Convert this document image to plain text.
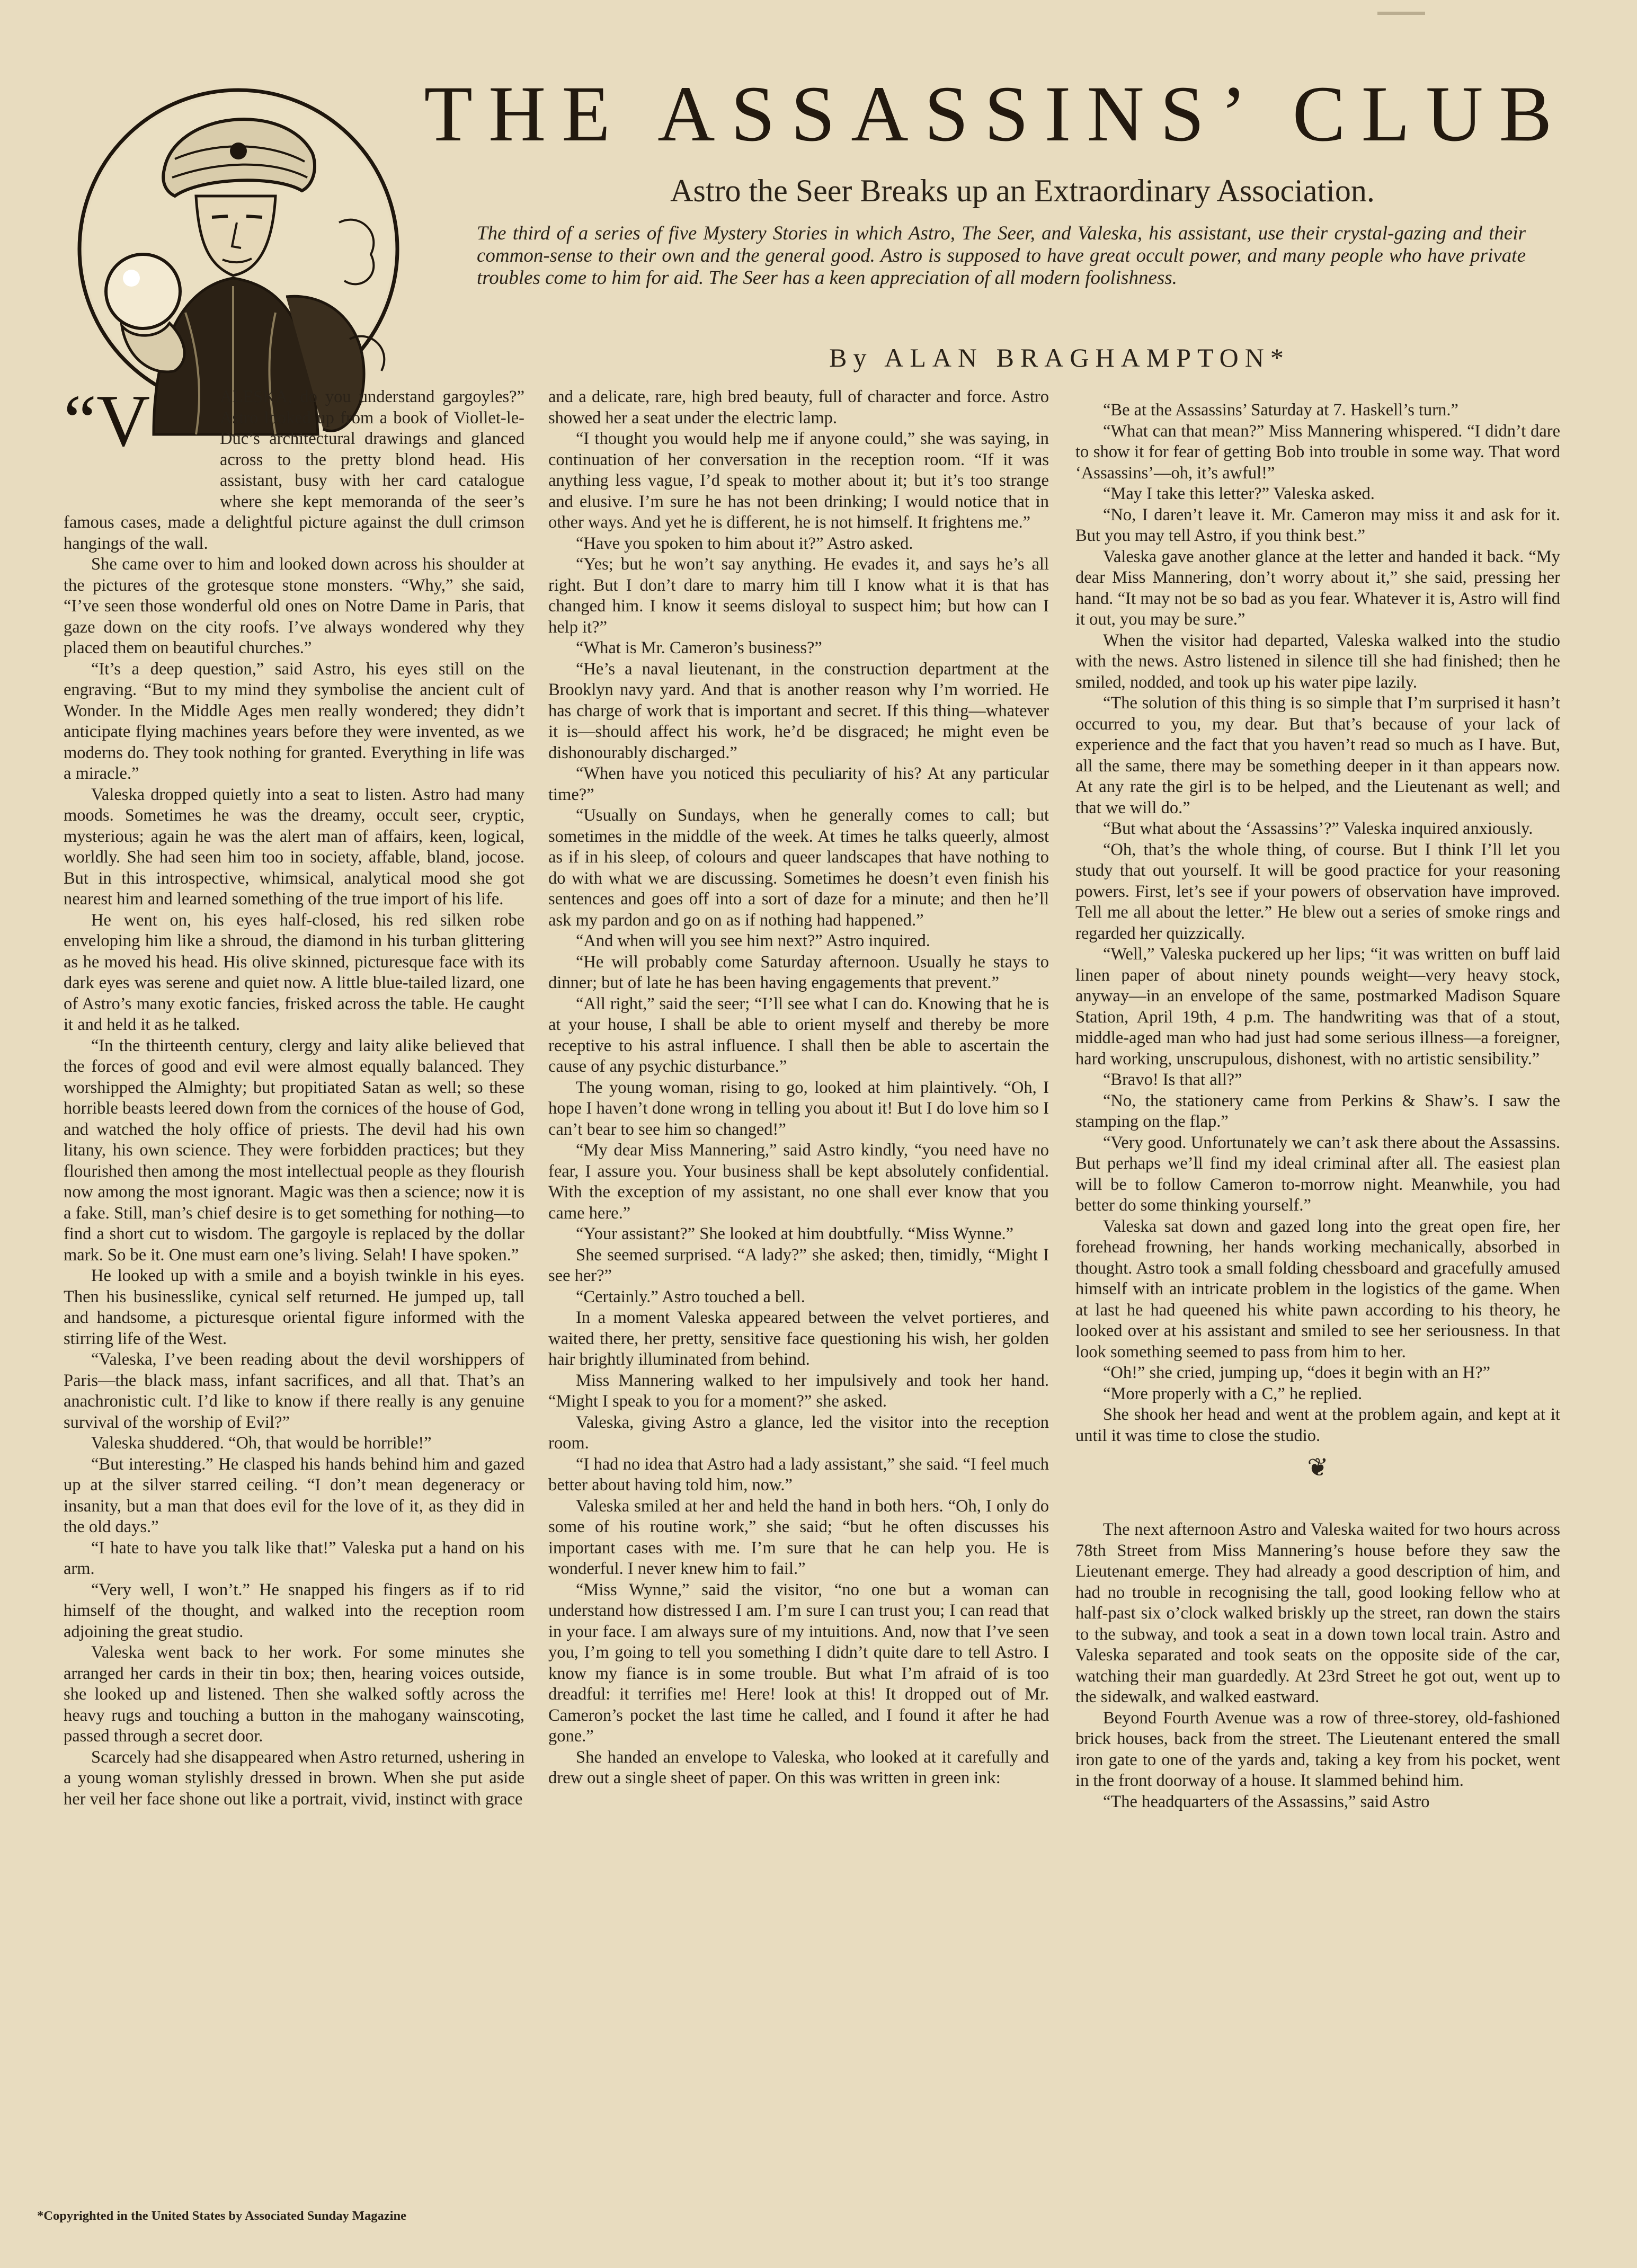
THE ASSASSINS’ CLUB
Astro the Seer Breaks up an Extraordinary Association.
The third of a series of five Mystery Stories in which Astro, The Seer, and Valeska, his assistant, use their crystal-gazing and their common-sense to their own and the general good. Astro is supposed to have great occult power, and many people who have private troubles come to him for aid. The Seer has a keen appreciation of all modern foolishness.
By ALAN BRAGHAMPTON*
“V	ALESKA, do you understand gargoyles?” Astro looked up from a book of Viollet-le-Duc’s architectural drawings and glanced across to the pretty blond head. His assistant, busy with her card catalogue where she kept memoranda of the seer’s famous cases, made a delightful picture against the dull crimson hangings of the wall.

She came over to him and looked down across his shoulder at the pictures of the grotesque stone monsters. “Why,” she said, “I’ve seen those wonderful old ones on Notre Dame in Paris, that gaze down on the city roofs. I’ve always wondered why they placed them on beautiful churches.”

“It’s a deep question,” said Astro, his eyes still on the engraving. “But to my mind they symbolise the ancient cult of Wonder. In the Middle Ages men really wondered; they didn’t anticipate flying machines years before they were invented, as we moderns do. They took nothing for granted. Everything in life was a miracle.”

Valeska dropped quietly into a seat to listen. Astro had many moods. Sometimes he was the dreamy, occult seer, cryptic, mysterious; again he was the alert man of affairs, keen, logical, worldly. She had seen him too in society, affable, bland, jocose. But in this introspective, whimsical, analytical mood she got nearest him and learned something of the true import of his life.

He went on, his eyes half-closed, his red silken robe enveloping him like a shroud, the diamond in his turban glittering as he moved his head. His olive skinned, picturesque face with its dark eyes was serene and quiet now. A little blue-tailed lizard, one of Astro’s many exotic fancies, frisked across the table. He caught it and held it as he talked.

“In the thirteenth century, clergy and laity alike believed that the forces of good and evil were almost equally balanced. They worshipped the Almighty; but propitiated Satan as well; so these horrible beasts leered down from the cornices of the house of God, and watched the holy office of priests. The devil had his own litany, his own science. They were forbidden practices; but they flourished then among the most intellectual people as they flourish now among the most ignorant. Magic was then a science; now it is a fake. Still, man’s chief desire is to get something for nothing—to find a short cut to wisdom. The gargoyle is replaced by the dollar mark. So be it. One must earn one’s living. Selah! I have spoken.”

He looked up with a smile and a boyish twinkle in his eyes. Then his businesslike, cynical self returned. He jumped up, tall and handsome, a picturesque oriental figure informed with the stirring life of the West.

“Valeska, I’ve been reading about the devil worshippers of Paris—the black mass, infant sacrifices, and all that. That’s an anachronistic cult. I’d like to know if there really is any genuine survival of the worship of Evil?”

Valeska shuddered. “Oh, that would be horrible!”

“But interesting.” He clasped his hands behind him and gazed up at the silver starred ceiling. “I don’t mean degeneracy or insanity, but a man that does evil for the love of it, as they did in the old days.”

“I hate to have you talk like that!” Valeska put a hand on his arm.

“Very well, I won’t.” He snapped his fingers as if to rid himself of the thought, and walked into the reception room adjoining the great studio.

Valeska went back to her work. For some minutes she arranged her cards in their tin box; then, hearing voices outside, she looked up and listened. Then she walked softly across the heavy rugs and touching a button in the mahogany wainscoting, passed through a secret door.

Scarcely had she disappeared when Astro returned, ushering in a young woman stylishly dressed in brown. When she put aside her veil her face shone out like a portrait, vivid, instinct with grace

and a delicate, rare, high bred beauty, full of character and force. Astro showed her a seat under the electric lamp.

“I thought you would help me if anyone could,” she was saying, in continuation of her conversation in the reception room. “If it was anything less vague, I’d speak to mother about it; but it’s too strange and elusive. I’m sure he has not been drinking; I would notice that in other ways. And yet he is different, he is not himself. It frightens me.”

“Have you spoken to him about it?” Astro asked.

“Yes; but he won’t say anything. He evades it, and says he’s all right. But I don’t dare to marry him till I know what it is that has changed him. I know it seems disloyal to suspect him; but how can I help it?”

“What is Mr. Cameron’s business?”

“He’s a naval lieutenant, in the construction department at the Brooklyn navy yard. And that is another reason why I’m worried. He has charge of work that is important and secret. If this thing—whatever it is—should affect his work, he’d be disgraced; he might even be dishonourably discharged.”

“When have you noticed this peculiarity of his? At any particular time?”

“Usually on Sundays, when he generally comes to call; but sometimes in the middle of the week. At times he talks queerly, almost as if in his sleep, of colours and queer landscapes that have nothing to do with what we are discussing. Sometimes he doesn’t even finish his sentences and goes off into a sort of daze for a minute; and then he’ll ask my pardon and go on as if nothing had happened.”

“And when will you see him next?” Astro inquired.

“He will probably come Saturday afternoon. Usually he stays to dinner; but of late he has been having engagements that prevent.”

“All right,” said the seer; “I’ll see what I can do. Knowing that he is at your house, I shall be able to orient myself and thereby be more receptive to his astral influence. I shall then be able to ascertain the cause of any psychic disturbance.”

The young woman, rising to go, looked at him plaintively. “Oh, I hope I haven’t done wrong in telling you about it! But I do love him so I can’t bear to see him so changed!”

“My dear Miss Mannering,” said Astro kindly, “you need have no fear, I assure you. Your business shall be kept absolutely confidential. With the exception of my assistant, no one shall ever know that you came here.”

“Your assistant?” She looked at him doubtfully. “Miss Wynne.”

She seemed surprised. “A lady?” she asked; then, timidly, “Might I see her?”

“Certainly.” Astro touched a bell.

In a moment Valeska appeared between the velvet portieres, and waited there, her pretty, sensitive face questioning his wish, her golden hair brightly illuminated from behind.

Miss Mannering walked to her impulsively and took her hand. “Might I speak to you for a moment?” she asked.

Valeska, giving Astro a glance, led the visitor into the reception room.

“I had no idea that Astro had a lady assistant,” she said. “I feel much better about having told him, now.”

Valeska smiled at her and held the hand in both hers. “Oh, I only do some of his routine work,” she said; “but he often discusses his important cases with me. I’m sure that he can help you. He is wonderful. I never knew him to fail.”

“Miss Wynne,” said the visitor, “no one but a woman can understand how distressed I am. I’m sure I can trust you; I can read that in your face. I am always sure of my intuitions. And, now that I’ve seen you, I’m going to tell you something I didn’t quite dare to tell Astro. I know my fiance is in some trouble. But what I’m afraid of is too dreadful: it terrifies me! Here! look at this! It dropped out of Mr. Cameron’s pocket the last time he called, and I found it after he had gone.”

She handed an envelope to Valeska, who looked at it carefully and drew out a single sheet of paper. On this was written in green ink:

“Be at the Assassins’ Saturday at 7. Haskell’s turn.”

“What can that mean?” Miss Mannering whispered. “I didn’t dare to show it for fear of getting Bob into trouble in some way. That word ‘Assassins’—oh, it’s awful!”

“May I take this letter?” Valeska asked.

“No, I daren’t leave it. Mr. Cameron may miss it and ask for it. But you may tell Astro, if you think best.”

Valeska gave another glance at the letter and handed it back. “My dear Miss Mannering, don’t worry about it,” she said, pressing her hand. “It may not be so bad as you fear. Whatever it is, Astro will find it out, you may be sure.”

When the visitor had departed, Valeska walked into the studio with the news. Astro listened in silence till she had finished; then he smiled, nodded, and took up his water pipe lazily.

“The solution of this thing is so simple that I’m surprised it hasn’t occurred to you, my dear. But that’s because of your lack of experience and the fact that you haven’t read so much as I have. But, all the same, there may be something deeper in it than appears now. At any rate the girl is to be helped, and the Lieutenant as well; and that we will do.”

“But what about the ‘Assassins’?” Valeska inquired anxiously.

“Oh, that’s the whole thing, of course. But I think I’ll let you study that out yourself. It will be good practice for your reasoning powers. First, let’s see if your powers of observation have improved. Tell me all about the letter.” He blew out a series of smoke rings and regarded her quizzically.

“Well,” Valeska puckered up her lips; “it was written on buff laid linen paper of about ninety pounds weight—very heavy stock, anyway—in an envelope of the same, postmarked Madison Square Station, April 19th, 4 p.m. The handwriting was that of a stout, middle-aged man who had just had some serious illness—a foreigner, hard working, unscrupulous, dishonest, with no artistic sensibility.”

“Bravo! Is that all?”

“No, the stationery came from Perkins & Shaw’s. I saw the stamping on the flap.”

“Very good. Unfortunately we can’t ask there about the Assassins. But perhaps we’ll find my ideal criminal after all. The easiest plan will be to follow Cameron to-morrow night. Meanwhile, you had better do some thinking yourself.”

Valeska sat down and gazed long into the great open fire, her forehead frowning, her hands working mechanically, absorbed in thought. Astro took a small folding chessboard and gracefully amused himself with an intricate problem in the logistics of the game. When at last he had queened his white pawn according to his theory, he looked over at his assistant and smiled to see her seriousness. In that look something seemed to pass from him to her.

“Oh!” she cried, jumping up, “does it begin with an H?”

“More properly with a C,” he replied.

She shook her head and went at the problem again, and kept at it until it was time to close the studio.

❦

The next afternoon Astro and Valeska waited for two hours across 78th Street from Miss Mannering’s house before they saw the Lieutenant emerge. They had already a good description of him, and had no trouble in recognising the tall, good looking fellow who at half-past six o’clock walked briskly up the street, ran down the stairs to the subway, and took a seat in a down town local train. Astro and Valeska separated and took seats on the opposite side of the car, watching their man guardedly. At 23rd Street he got out, went up to the sidewalk, and walked eastward.

Beyond Fourth Avenue was a row of three-storey, old-fashioned brick houses, back from the street. The Lieutenant entered the small iron gate to one of the yards and, taking a key from his pocket, went in the front doorway of a house. It slammed behind him.

“The headquarters of the Assassins,” said Astro

*Copyrighted in the United States by Associated Sunday Magazine
